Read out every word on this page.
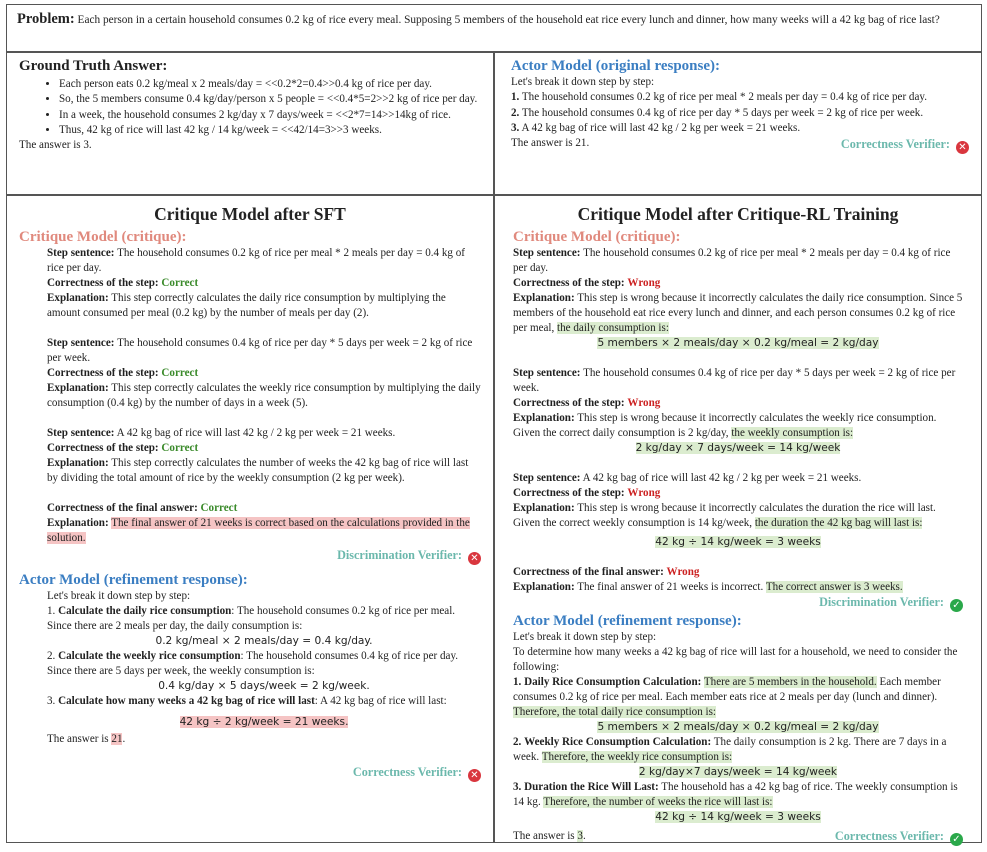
Problem: Each person in a certain household consumes 0.2 kg of rice every meal. Supposing 5 members of the household eat rice every lunch and dinner, how many weeks will a 42 kg bag of rice last?
Ground Truth Answer:
• Each person eats 0.2 kg/meal x 2 meals/day = <<0.2*2=0.4>>0.4 kg of rice per day.
• So, the 5 members consume 0.4 kg/day/person x 5 people = <<0.4*5=2>>2 kg of rice per day.
• In a week, the household consumes 2 kg/day x 7 days/week = <<2*7=14>>14kg of rice.
• Thus, 42 kg of rice will last 42 kg / 14 kg/week = <<42/14=3>>3 weeks.
The answer is 3.
Actor Model (original response):
Let's break it down step by step:
1. The household consumes 0.2 kg of rice per meal * 2 meals per day = 0.4 kg of rice per day.
2. The household consumes 0.4 kg of rice per day * 5 days per week = 2 kg of rice per week.
3. A 42 kg bag of rice will last 42 kg / 2 kg per week = 21 weeks.
The answer is 21.	Correctness Verifier: ✕
Critique Model after SFT
Critique Model (critique):
Step sentence: The household consumes 0.2 kg of rice per meal * 2 meals per day = 0.4 kg of rice per day.
Correctness of the step: Correct
Explanation: This step correctly calculates the daily rice consumption by multiplying the amount consumed per meal (0.2 kg) by the number of meals per day (2).
Step sentence: The household consumes 0.4 kg of rice per day * 5 days per week = 2 kg of rice per week.
Correctness of the step: Correct
Explanation: This step correctly calculates the weekly rice consumption by multiplying the daily consumption (0.4 kg) by the number of days in a week (5).
Step sentence: A 42 kg bag of rice will last 42 kg / 2 kg per week = 21 weeks.
Correctness of the step: Correct
Explanation: This step correctly calculates the number of weeks the 42 kg bag of rice will last by dividing the total amount of rice by the weekly consumption (2 kg per week).
Correctness of the final answer: Correct
Explanation: The final answer of 21 weeks is correct based on the calculations provided in the solution.
Discrimination Verifier: ✕
Actor Model (refinement response):
Let's break it down step by step:
1. Calculate the daily rice consumption: The household consumes 0.2 kg of rice per meal. Since there are 2 meals per day, the daily consumption is:
0.2 kg/meal × 2 meals/day = 0.4 kg/day.
2. Calculate the weekly rice consumption: The household consumes 0.4 kg of rice per day. Since there are 5 days per week, the weekly consumption is:
0.4 kg/day × 5 days/week = 2 kg/week.
3. Calculate how many weeks a 42 kg bag of rice will last: A 42 kg bag of rice will last:
42 kg ÷ 2 kg/week = 21 weeks.
The answer is 21.
Correctness Verifier: ✕
Critique Model after Critique-RL Training
Critique Model (critique):
Step sentence: The household consumes 0.2 kg of rice per meal * 2 meals per day = 0.4 kg of rice per day.
Correctness of the step: Wrong
Explanation: This step is wrong because it incorrectly calculates the daily rice consumption. Since 5 members of the household eat rice every lunch and dinner, and each person consumes 0.2 kg of rice per meal, the daily consumption is:
5 members × 2 meals/day × 0.2 kg/meal = 2 kg/day
Step sentence: The household consumes 0.4 kg of rice per day * 5 days per week = 2 kg of rice per week.
Correctness of the step: Wrong
Explanation: This step is wrong because it incorrectly calculates the weekly rice consumption. Given the correct daily consumption is 2 kg/day, the weekly consumption is:
2 kg/day × 7 days/week = 14 kg/week
Step sentence: A 42 kg bag of rice will last 42 kg / 2 kg per week = 21 weeks.
Correctness of the step: Wrong
Explanation: This step is wrong because it incorrectly calculates the duration the rice will last. Given the correct weekly consumption is 14 kg/week, the duration the 42 kg bag will last is:
42 kg ÷ 14 kg/week = 3 weeks
Correctness of the final answer: Wrong
Explanation: The final answer of 21 weeks is incorrect. The correct answer is 3 weeks.
Discrimination Verifier: ✓
Actor Model (refinement response):
Let's break it down step by step:
To determine how many weeks a 42 kg bag of rice will last for a household, we need to consider the following:
1. Daily Rice Consumption Calculation: There are 5 members in the household. Each member consumes 0.2 kg of rice per meal. Each member eats rice at 2 meals per day (lunch and dinner). Therefore, the total daily rice consumption is:
5 members × 2 meals/day × 0.2 kg/meal = 2 kg/day
2. Weekly Rice Consumption Calculation: The daily consumption is 2 kg. There are 7 days in a week. Therefore, the weekly rice consumption is:
2 kg/day×7 days/week = 14 kg/week
3. Duration the Rice Will Last: The household has a 42 kg bag of rice. The weekly consumption is 14 kg. Therefore, the number of weeks the rice will last is:
42 kg ÷ 14 kg/week = 3 weeks
The answer is 3.	Correctness Verifier: ✓
